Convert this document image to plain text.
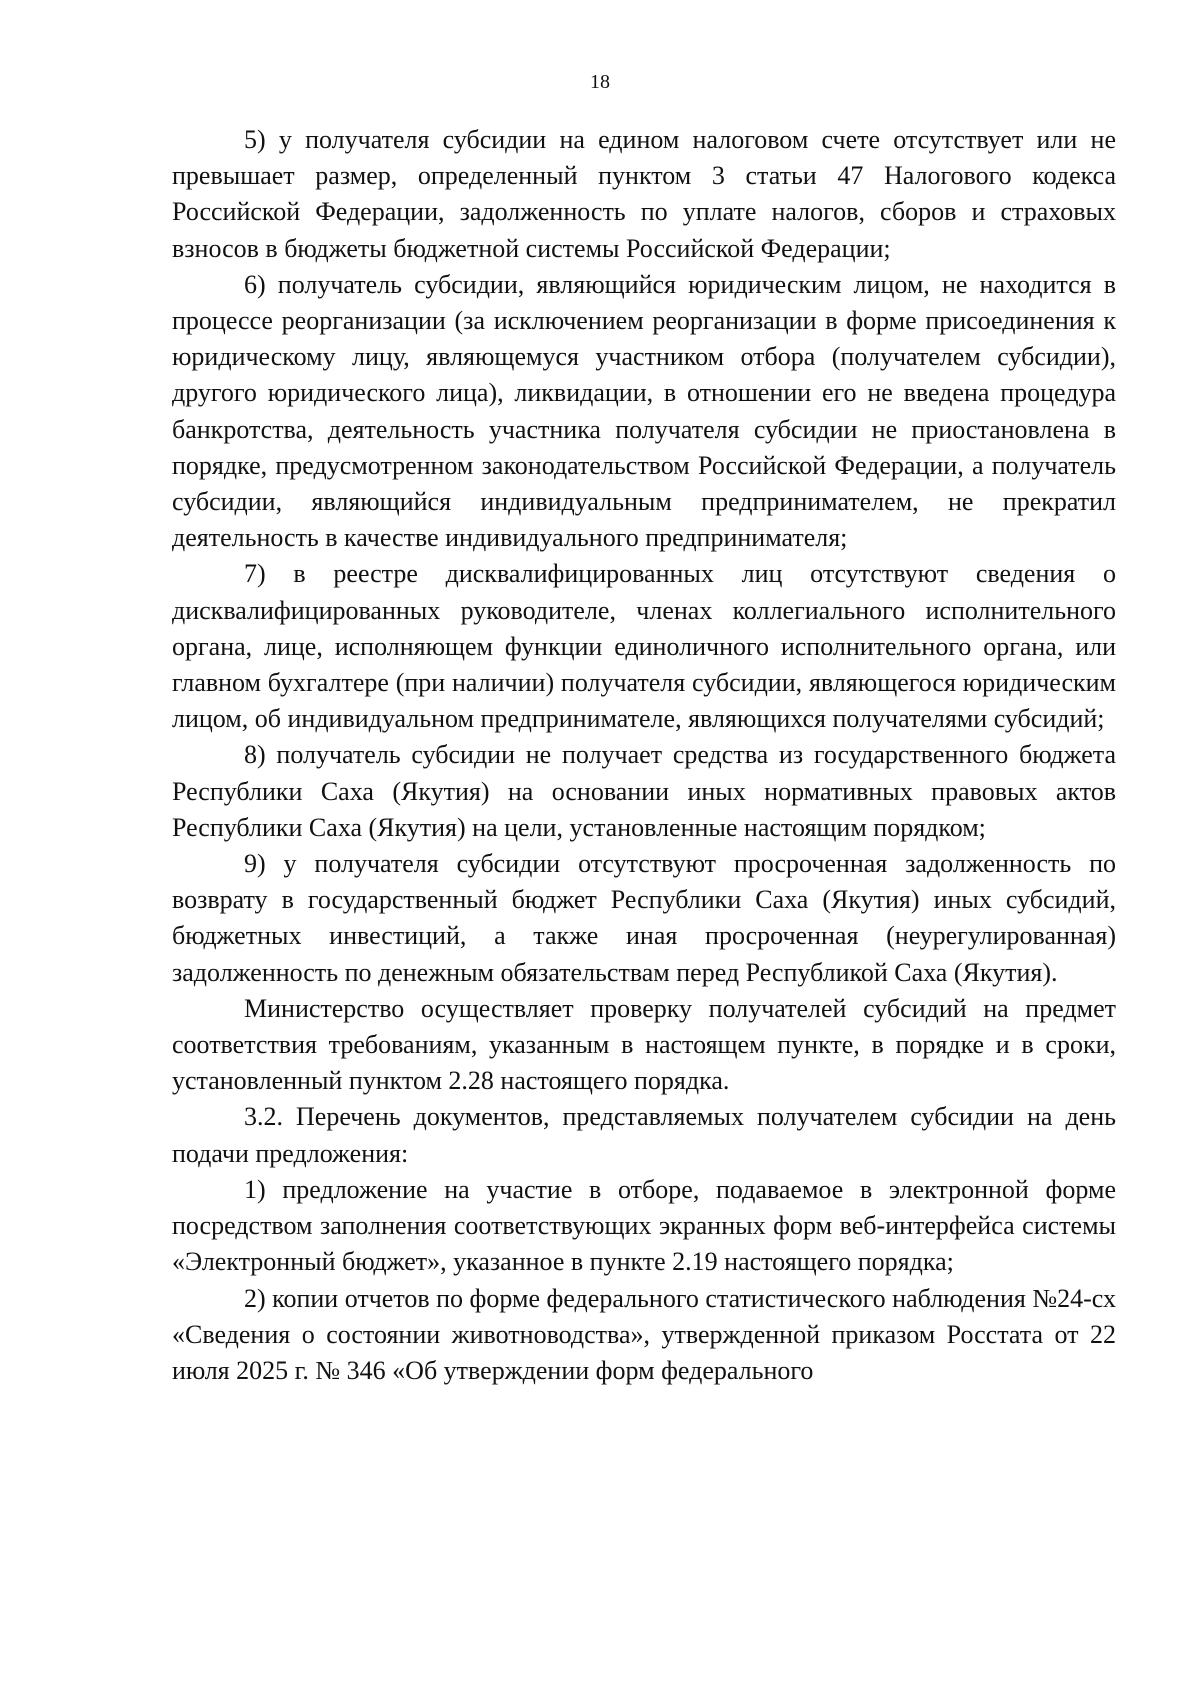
18

5) у получателя субсидии на едином налоговом счете отсутствует или не превышает размер, определенный пунктом 3 статьи 47 Налогового кодекса Российской Федерации, задолженность по уплате налогов, сборов и страховых взносов в бюджеты бюджетной системы Российской Федерации;

6) получатель субсидии, являющийся юридическим лицом, не находится в процессе реорганизации (за исключением реорганизации в форме присоединения к юридическому лицу, являющемуся участником отбора (получателем субсидии), другого юридического лица), ликвидации, в отношении его не введена процедура банкротства, деятельность участника получателя субсидии не приостановлена в порядке, предусмотренном законодательством Российской Федерации, а получатель субсидии, являющийся индивидуальным предпринимателем, не прекратил деятельность в качестве индивидуального предпринимателя;

7) в реестре дисквалифицированных лиц отсутствуют сведения о дисквалифицированных руководителе, членах коллегиального исполнительного органа, лице, исполняющем функции единоличного исполнительного органа, или главном бухгалтере (при наличии) получателя субсидии, являющегося юридическим лицом, об индивидуальном предпринимателе, являющихся получателями субсидий;

8) получатель субсидии не получает средства из государственного бюджета Республики Саха (Якутия) на основании иных нормативных правовых актов Республики Саха (Якутия) на цели, установленные настоящим порядком;

9) у получателя субсидии отсутствуют просроченная задолженность по возврату в государственный бюджет Республики Саха (Якутия) иных субсидий, бюджетных инвестиций, а также иная просроченная (неурегулированная) задолженность по денежным обязательствам перед Республикой Саха (Якутия).

Министерство осуществляет проверку получателей субсидий на предмет соответствия требованиям, указанным в настоящем пункте, в порядке и в сроки, установленный пунктом 2.28 настоящего порядка.

3.2. Перечень документов, представляемых получателем субсидии на день подачи предложения:

1) предложение на участие в отборе, подаваемое в электронной форме посредством заполнения соответствующих экранных форм веб-интерфейса системы «Электронный бюджет», указанное в пункте 2.19 настоящего порядка;

2) копии отчетов по форме федерального статистического наблюдения №24-сх «Сведения о состоянии животноводства», утвержденной приказом Росстата от 22 июля 2025 г. № 346 «Об утверждении форм федерального
